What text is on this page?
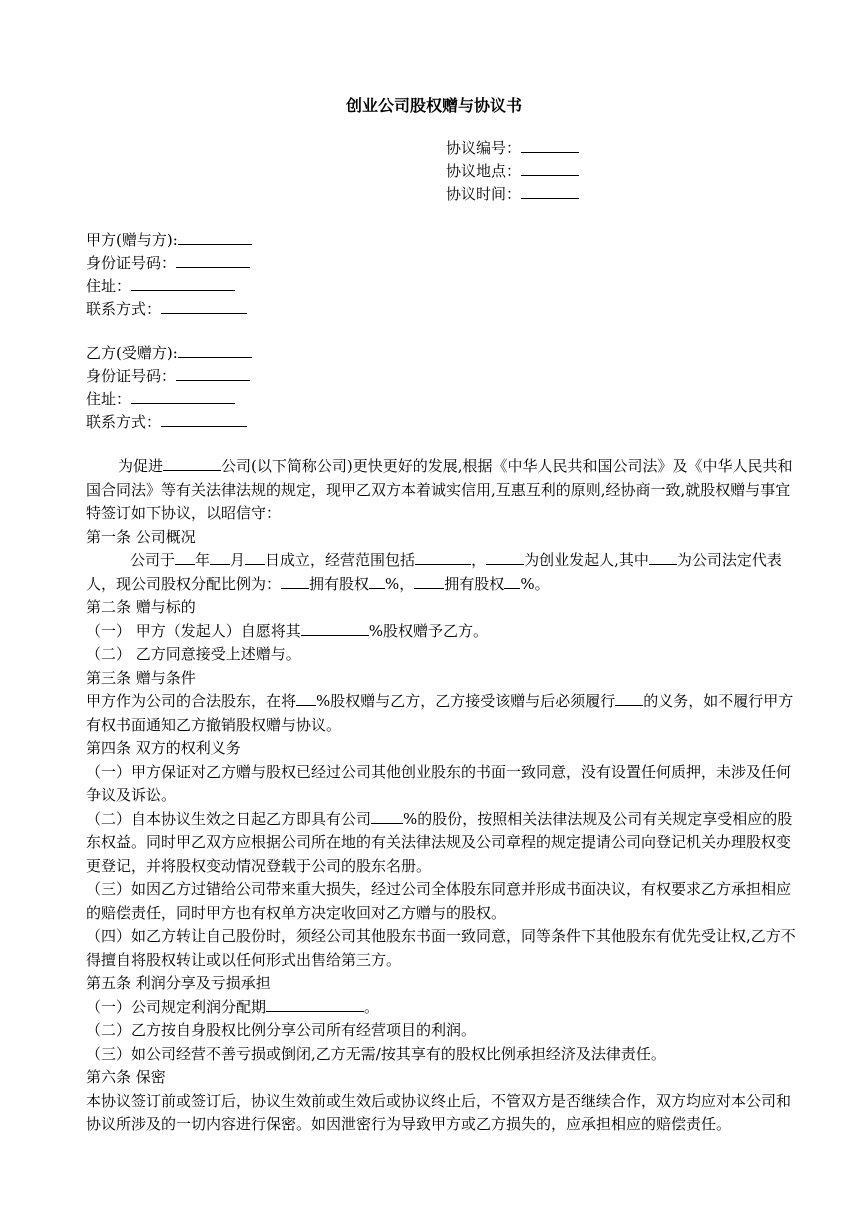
创业公司股权赠与协议书
协议编号：
协议地点：
协议时间：
甲方(赠与方):
身份证号码：
住址：
联系方式：
乙方(受赠方):
身份证号码：
住址：
联系方式：

为促进	公司(以下简称公司)更快更好的发展,根据《中华人民共和国公司法》及《中华人民共和国合同法》等有关法律法规的规定，现甲乙双方本着诚实信用,互惠互利的原则,经协商一致,就股权赠与事宜特签订如下协议，以昭信守：

第一条 公司概况

公司于 年 月 日成立，经营范围包括	，	为创业发起人,其中 为公司法定代表人，现公司股权分配比例为： 拥有股权 %， 拥有股权 %。

第二条 赠与标的

（一） 甲方（发起人）自愿将其	%股权赠予乙方。

（二） 乙方同意接受上述赠与。

第三条 赠与条件

甲方作为公司的合法股东，在将 %股权赠与乙方，乙方接受该赠与后必须履行 的义务，如不履行甲方有权书面通知乙方撤销股权赠与协议。

第四条 双方的权利义务

（一）甲方保证对乙方赠与股权已经过公司其他创业股东的书面一致同意，没有设置任何质押，未涉及任何争议及诉讼。

（二）自本协议生效之日起乙方即具有公司 %的股份，按照相关法律法规及公司有关规定享受相应的股东权益。同时甲乙双方应根据公司所在地的有关法律法规及公司章程的规定提请公司向登记机关办理股权变更登记，并将股权变动情况登载于公司的股东名册。

（三）如因乙方过错给公司带来重大损失，经过公司全体股东同意并形成书面决议，有权要求乙方承担相应的赔偿责任，同时甲方也有权单方决定收回对乙方赠与的股权。

（四）如乙方转让自己股份时，须经公司其他股东书面一致同意，同等条件下其他股东有优先受让权,乙方不得擅自将股权转让或以任何形式出售给第三方。

第五条 利润分享及亏损承担

（一）公司规定利润分配期	。

（二）乙方按自身股权比例分享公司所有经营项目的利润。

（三）如公司经营不善亏损或倒闭,乙方无需/按其享有的股权比例承担经济及法律责任。

第六条 保密

本协议签订前或签订后，协议生效前或生效后或协议终止后，不管双方是否继续合作，双方均应对本公司和协议所涉及的一切内容进行保密。如因泄密行为导致甲方或乙方损失的，应承担相应的赔偿责任。
